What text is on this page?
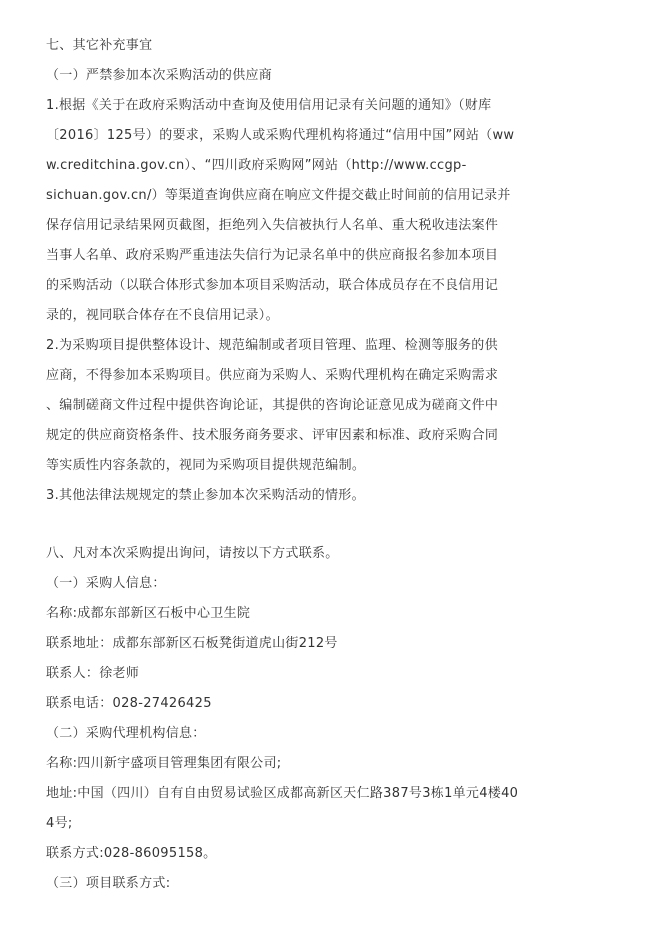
七、其它补充事宜
（一）严禁参加本次采购活动的供应商
1.根据《关于在政府采购活动中查询及使用信用记录有关问题的通知》（财库
〔2016〕125号）的要求，采购人或采购代理机构将通过“信用中国”网站（ww
w.creditchina.gov.cn）、“四川政府采购网”网站（http://www.ccgp-
sichuan.gov.cn/）等渠道查询供应商在响应文件提交截止时间前的信用记录并
保存信用记录结果网页截图，拒绝列入失信被执行人名单、重大税收违法案件
当事人名单、政府采购严重违法失信行为记录名单中的供应商报名参加本项目
的采购活动（以联合体形式参加本项目采购活动，联合体成员存在不良信用记
录的，视同联合体存在不良信用记录）。
2.为采购项目提供整体设计、规范编制或者项目管理、监理、检测等服务的供
应商，不得参加本采购项目。供应商为采购人、采购代理机构在确定采购需求
、编制磋商文件过程中提供咨询论证，其提供的咨询论证意见成为磋商文件中
规定的供应商资格条件、技术服务商务要求、评审因素和标准、政府采购合同
等实质性内容条款的，视同为采购项目提供规范编制。
3.其他法律法规规定的禁止参加本次采购活动的情形。
八、凡对本次采购提出询问，请按以下方式联系。
（一）采购人信息：
名称:成都东部新区石板中心卫生院
联系地址：成都东部新区石板凳街道虎山街212号
联系人：徐老师
联系电话：028-27426425
（二）采购代理机构信息：
名称:四川新宇盛项目管理集团有限公司;
地址:中国（四川）自有自由贸易试验区成都高新区天仁路387号3栋1单元4楼40
4号;
联系方式:028-86095158。
（三）项目联系方式:
